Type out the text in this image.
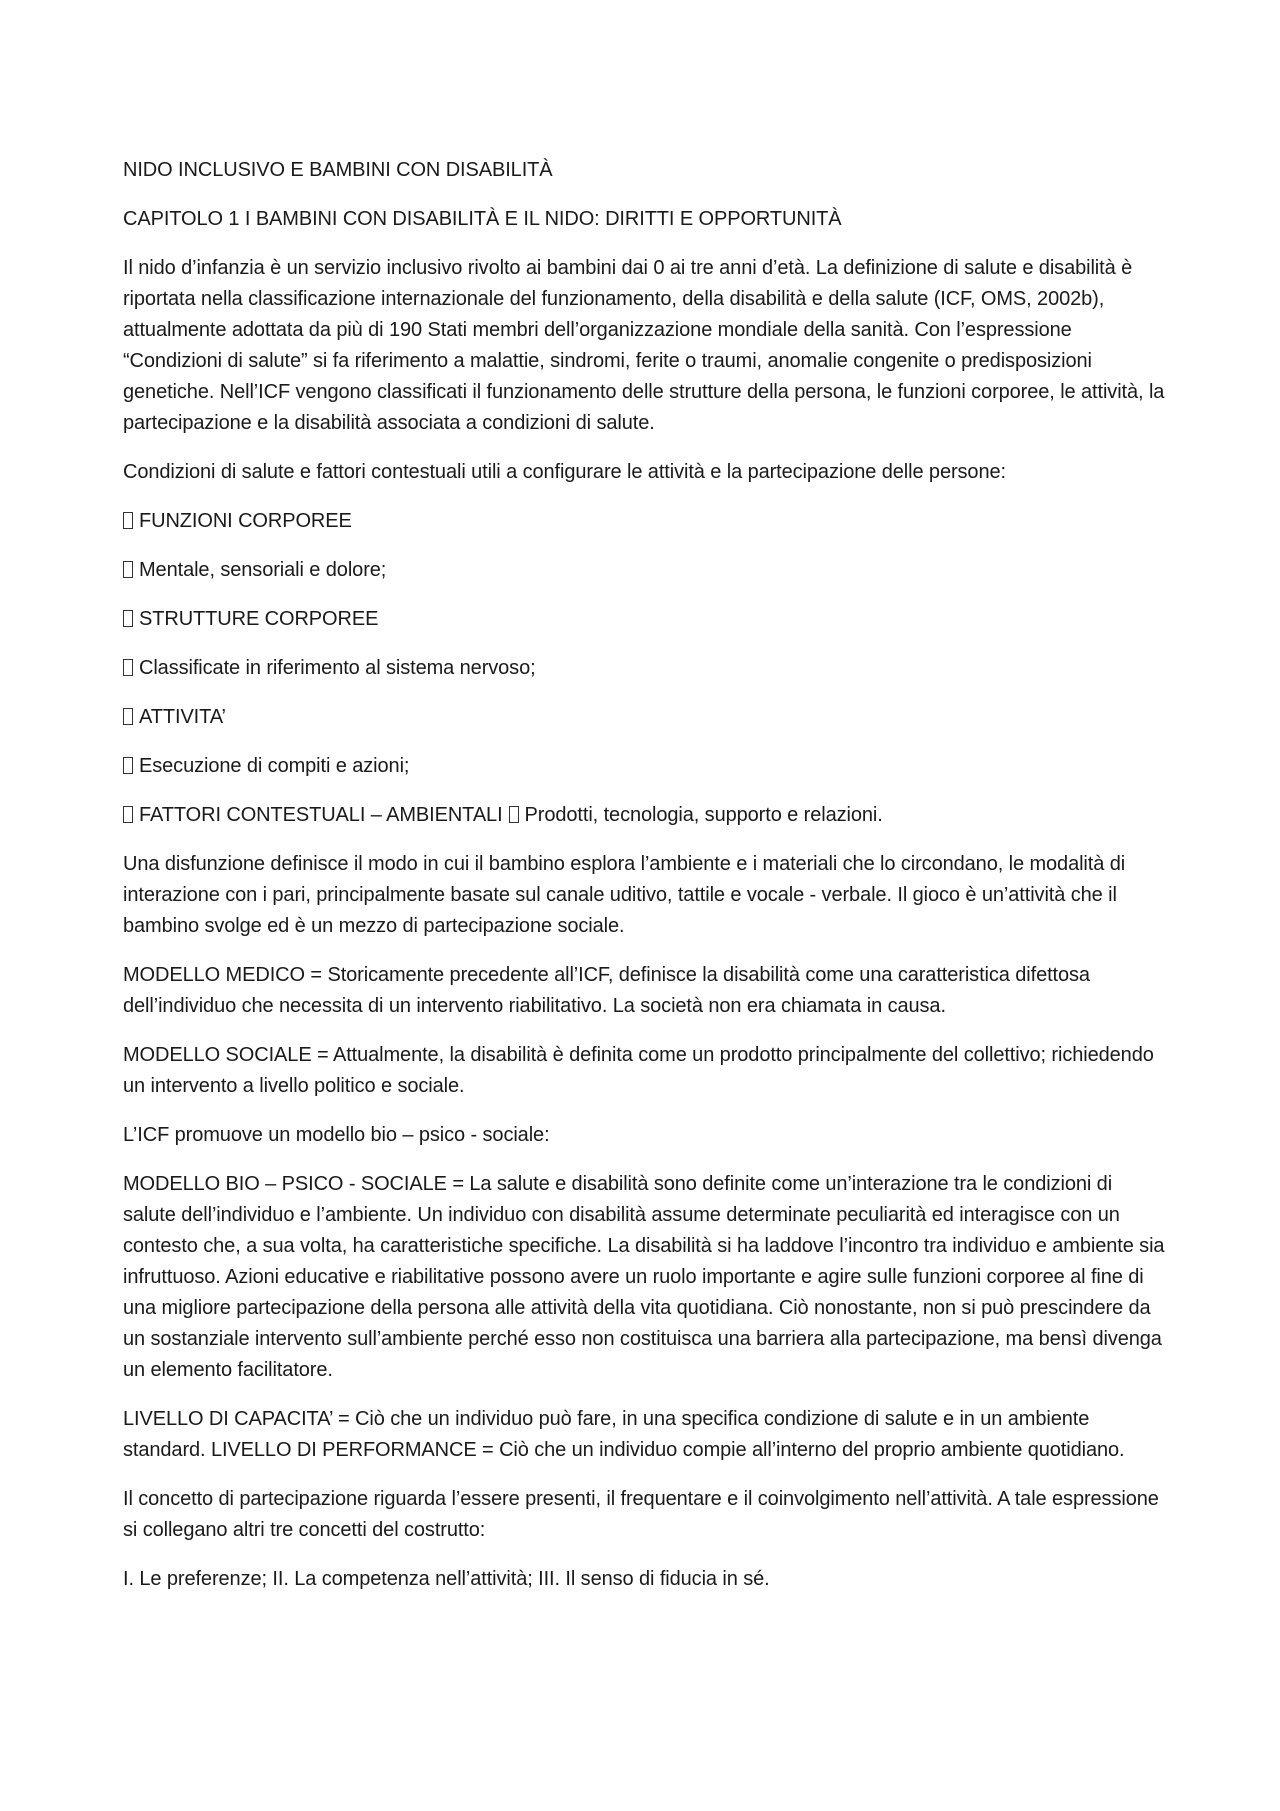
NIDO INCLUSIVO E BAMBINI CON DISABILITÀ

CAPITOLO 1 I BAMBINI CON DISABILITÀ E IL NIDO: DIRITTI E OPPORTUNITÀ

Il nido d’infanzia è un servizio inclusivo rivolto ai bambini dai 0 ai tre anni d’età. La definizione di salute e disabilità è riportata nella classificazione internazionale del funzionamento, della disabilità e della salute (ICF, OMS, 2002b), attualmente adottata da più di 190 Stati membri dell’organizzazione mondiale della sanità. Con l’espressione “Condizioni di salute” si fa riferimento a malattie, sindromi, ferite o traumi, anomalie congenite o predisposizioni genetiche. Nell’ICF vengono classificati il funzionamento delle strutture della persona, le funzioni corporee, le attività, la partecipazione e la disabilità associata a condizioni di salute.

Condizioni di salute e fattori contestuali utili a configurare le attività e la partecipazione delle persone:

FUNZIONI CORPOREE

Mentale, sensoriali e dolore;

STRUTTURE CORPOREE

Classificate in riferimento al sistema nervoso;

ATTIVITA’

Esecuzione di compiti e azioni;

FATTORI CONTESTUALI – AMBIENTALI Prodotti, tecnologia, supporto e relazioni.

Una disfunzione definisce il modo in cui il bambino esplora l’ambiente e i materiali che lo circondano, le modalità di interazione con i pari, principalmente basate sul canale uditivo, tattile e vocale - verbale. Il gioco è un’attività che il bambino svolge ed è un mezzo di partecipazione sociale.

MODELLO MEDICO = Storicamente precedente all’ICF, definisce la disabilità come una caratteristica difettosa dell’individuo che necessita di un intervento riabilitativo. La società non era chiamata in causa.

MODELLO SOCIALE = Attualmente, la disabilità è definita come un prodotto principalmente del collettivo; richiedendo un intervento a livello politico e sociale.

L’ICF promuove un modello bio – psico - sociale:

MODELLO BIO – PSICO - SOCIALE = La salute e disabilità sono definite come un’interazione tra le condizioni di salute dell’individuo e l’ambiente. Un individuo con disabilità assume determinate peculiarità ed interagisce con un contesto che, a sua volta, ha caratteristiche specifiche. La disabilità si ha laddove l’incontro tra individuo e ambiente sia infruttuoso. Azioni educative e riabilitative possono avere un ruolo importante e agire sulle funzioni corporee al fine di una migliore partecipazione della persona alle attività della vita quotidiana. Ciò nonostante, non si può prescindere da un sostanziale intervento sull’ambiente perché esso non costituisca una barriera alla partecipazione, ma bensì divenga un elemento facilitatore.

LIVELLO DI CAPACITA’ = Ciò che un individuo può fare, in una specifica condizione di salute e in un ambiente standard. LIVELLO DI PERFORMANCE = Ciò che un individuo compie all’interno del proprio ambiente quotidiano.

Il concetto di partecipazione riguarda l’essere presenti, il frequentare e il coinvolgimento nell’attività. A tale espressione si collegano altri tre concetti del costrutto:

I. Le preferenze; II. La competenza nell’attività; III. Il senso di fiducia in sé.
